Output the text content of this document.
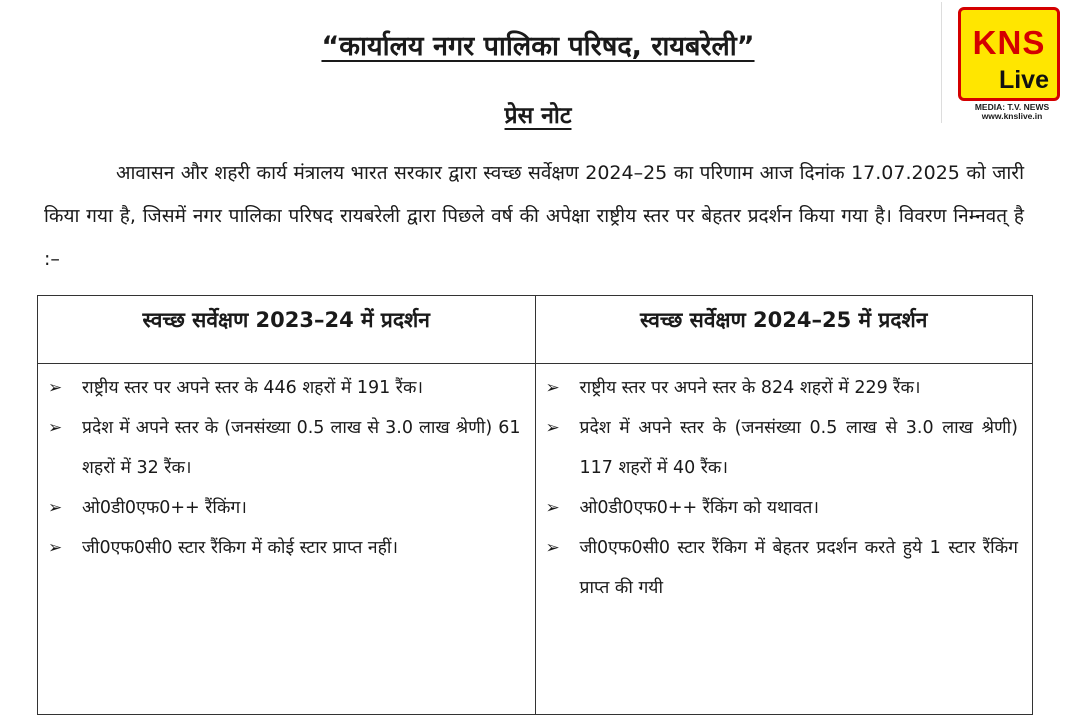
“कार्यालय नगर पालिका परिषद, रायबरेली”
प्रेस नोट

आवासन और शहरी कार्य मंत्रालय भारत सरकार द्वारा स्वच्छ सर्वेक्षण 2024–25 का परिणाम आज दिनांक 17.07.2025 को जारी किया गया है, जिसमें नगर पालिका परिषद रायबरेली द्वारा पिछले वर्ष की अपेक्षा राष्ट्रीय स्तर पर बेहतर प्रदर्शन किया गया है। विवरण निम्नवत् है :–

स्वच्छ सर्वेक्षण 2023–24 में प्रदर्शन
➢	राष्ट्रीय स्तर पर अपने स्तर के 446 शहरों में 191 रैंक।
➢	प्रदेश में अपने स्तर के (जनसंख्या 0.5 लाख से 3.0 लाख श्रेणी) 61 शहरों में 32 रैंक।
➢	ओ0डी0एफ0++ रैंकिंग।
➢	जी0एफ0सी0 स्टार रैंकिग में कोई स्टार प्राप्त नहीं।
स्वच्छ सर्वेक्षण 2024–25 में प्रदर्शन
➢	राष्ट्रीय स्तर पर अपने स्तर के 824 शहरों में 229 रैंक।
➢	प्रदेश में अपने स्तर के (जनसंख्या 0.5 लाख से 3.0 लाख श्रेणी) 117 शहरों में 40 रैंक।
➢	ओ0डी0एफ0++ रैंकिंग को यथावत।
➢	जी0एफ0सी0 स्टार रैंकिग में बेहतर प्रदर्शन करते हुये 1 स्टार रैंकिंग प्राप्त की गयी
KNS
Live
MEDIA: T.V. NEWS
www.knslive.in
